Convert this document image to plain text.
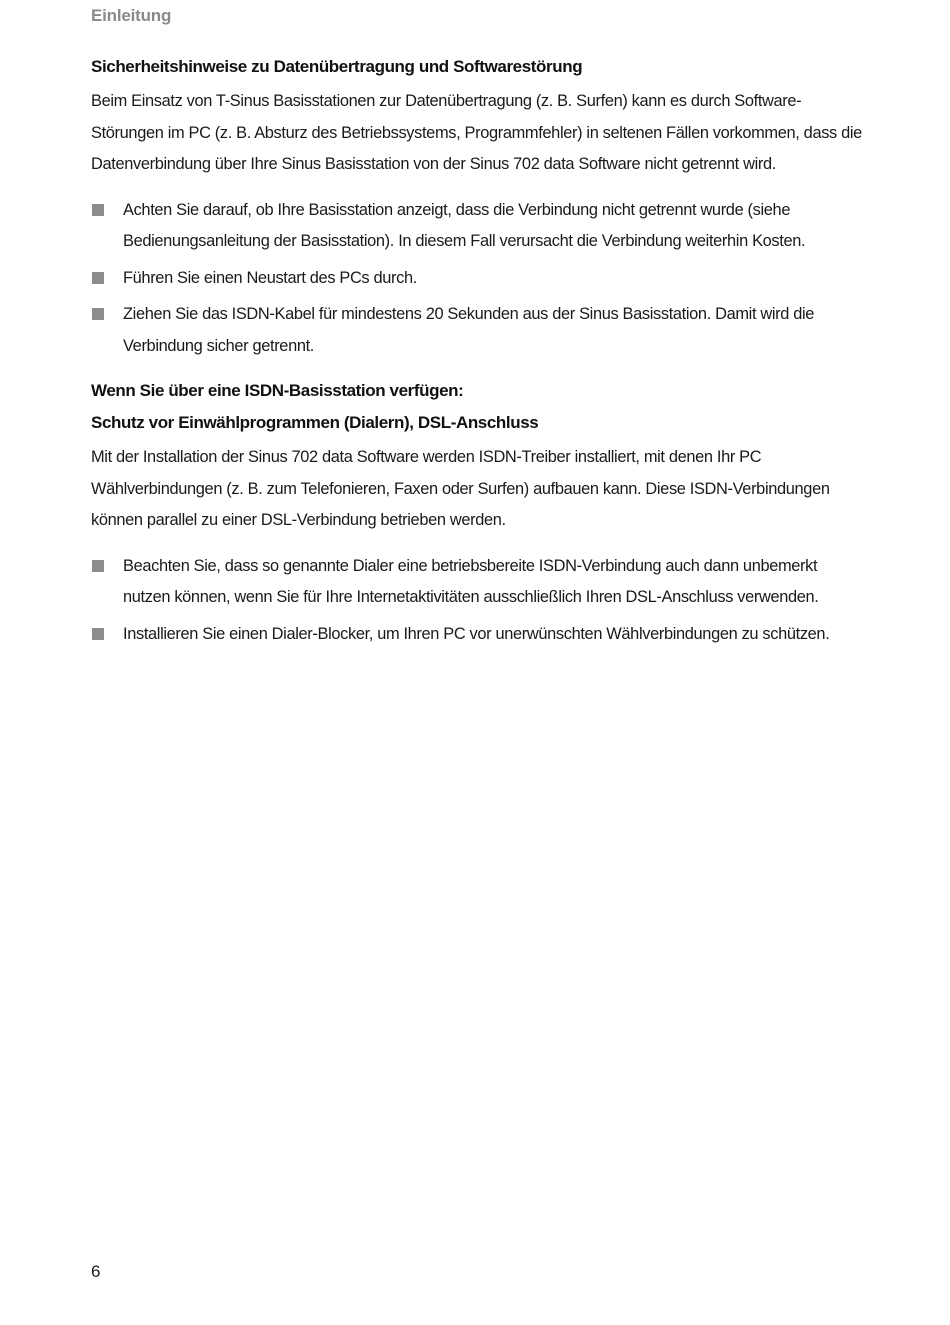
Einleitung
Sicherheitshinweise zu Datenübertragung und Softwarestörung

Beim Einsatz von T-Sinus Basisstationen zur Datenübertragung (z. B. Surfen) kann es durch Software-Störungen im PC (z. B. Absturz des Betriebssystems, Programmfehler) in seltenen Fällen vorkommen, dass die Datenverbindung über Ihre Sinus Basisstation von der Sinus 702 data Software nicht getrennt wird.

Achten Sie darauf, ob Ihre Basisstation anzeigt, dass die Verbindung nicht getrennt wurde (siehe Bedienungsanleitung der Basisstation). In diesem Fall verursacht die Verbindung weiterhin Kosten.
Führen Sie einen Neustart des PCs durch.
Ziehen Sie das ISDN-Kabel für mindestens 20 Sekunden aus der Sinus Basisstation. Damit wird die Verbindung sicher getrennt.
Wenn Sie über eine ISDN-Basisstation verfügen:
Schutz vor Einwählprogrammen (Dialern), DSL-Anschluss

Mit der Installation der Sinus 702 data Software werden ISDN-Treiber installiert, mit denen Ihr PC Wählverbindungen (z. B. zum Telefonieren, Faxen oder Surfen) aufbauen kann. Diese ISDN-Verbindungen können parallel zu einer DSL-Verbindung betrieben werden.

Beachten Sie, dass so genannte Dialer eine betriebsbereite ISDN-Verbindung auch dann unbemerkt nutzen können, wenn Sie für Ihre Internetaktivitäten ausschließlich Ihren DSL-Anschluss verwenden.
Installieren Sie einen Dialer-Blocker, um Ihren PC vor unerwünschten Wählverbindungen zu schützen.
6
